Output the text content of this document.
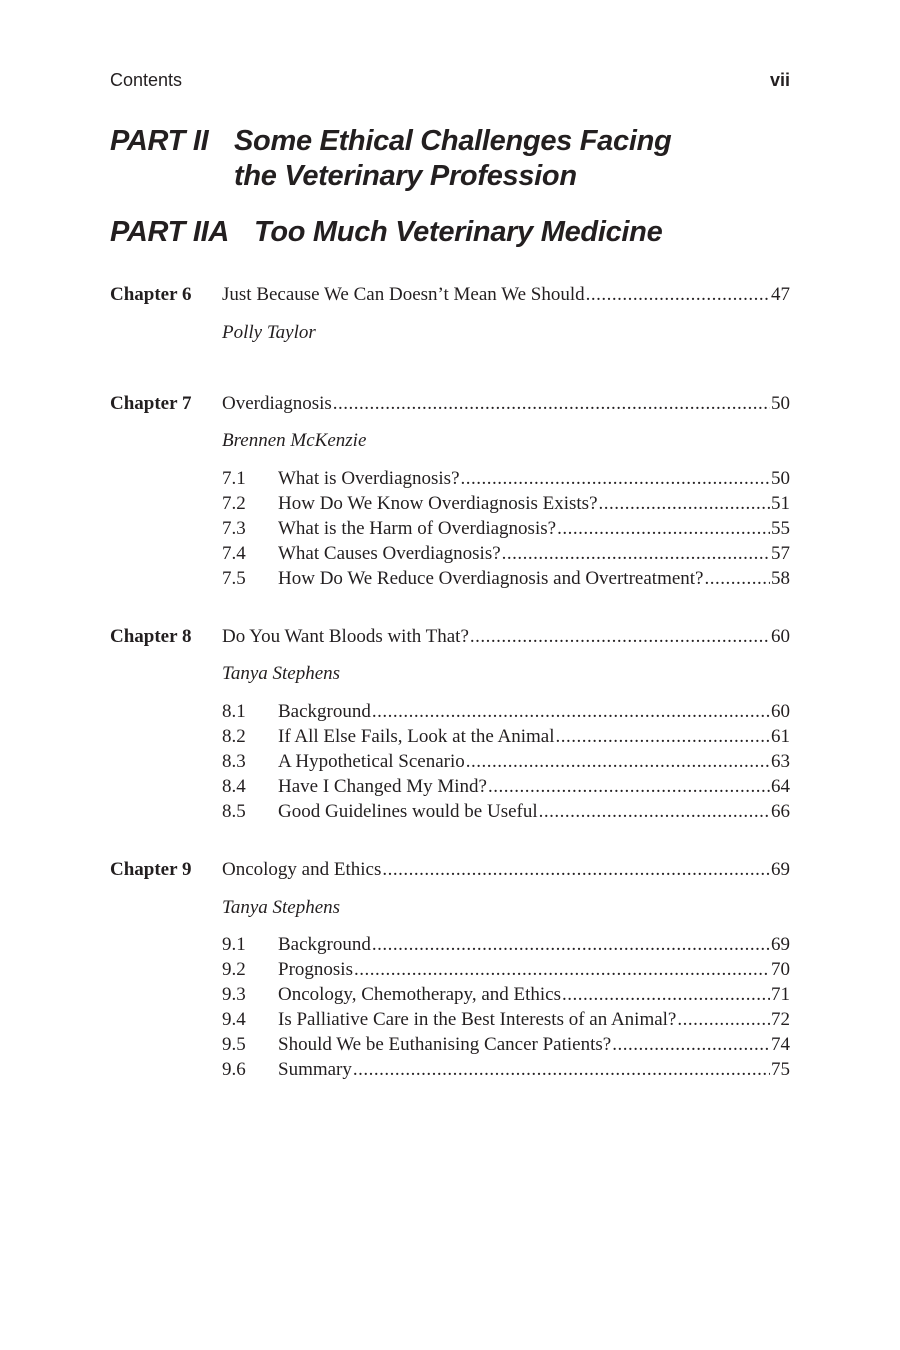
Contents	vii
PART II Some Ethical Challenges Facing
the Veterinary Profession
PART IIA Too Much Veterinary Medicine
Chapter 6 Just Because We Can Doesn’t Mean We Should .....	47
Polly Taylor
Chapter 7 Overdiagnosis .....	50
Brennen McKenzie
7.1 What is Overdiagnosis? .....	50
7.2 How Do We Know Overdiagnosis Exists? .....	51
7.3 What is the Harm of Overdiagnosis? .....	55
7.4 What Causes Overdiagnosis? .....	57
7.5 How Do We Reduce Overdiagnosis and Overtreatment? .....	58
Chapter 8 Do You Want Bloods with That? .....	60
Tanya Stephens
8.1 Background .....	60
8.2 If All Else Fails, Look at the Animal .....	61
8.3 A Hypothetical Scenario .....	63
8.4 Have I Changed My Mind? .....	64
8.5 Good Guidelines would be Useful .....	66
Chapter 9 Oncology and Ethics .....	69
Tanya Stephens
9.1 Background .....	69
9.2 Prognosis .....	70
9.3 Oncology, Chemotherapy, and Ethics .....	71
9.4 Is Palliative Care in the Best Interests of an Animal? .....	72
9.5 Should We be Euthanising Cancer Patients? .....	74
9.6 Summary .....	75
